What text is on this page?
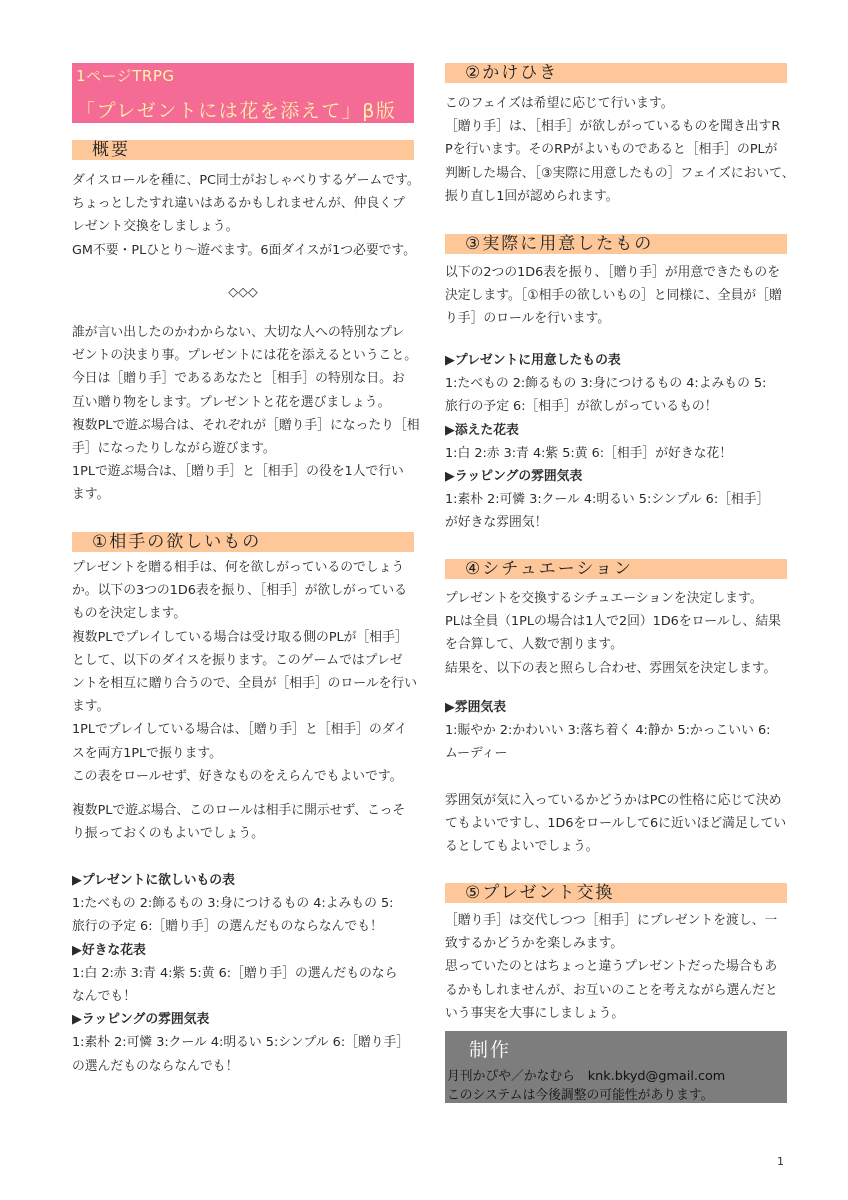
1ページTRPG
「プレゼントには花を添えて」β版
概要
ダイスロールを種に、PC同士がおしゃべりするゲームです。
ちょっとしたすれ違いはあるかもしれませんが、仲良くプ
レゼント交換をしましょう。
GM不要・PLひとり〜遊べます。6面ダイスが1つ必要です。
◇◇◇
誰が言い出したのかわからない、大切な人への特別なプレ
ゼントの決まり事。プレゼントには花を添えるということ。
今日は［贈り手］であるあなたと［相手］の特別な日。お
互い贈り物をします。プレゼントと花を選びましょう。
複数PLで遊ぶ場合は、それぞれが［贈り手］になったり［相
手］になったりしながら遊びます。
1PLで遊ぶ場合は、［贈り手］と［相手］の役を1人で行い
ます。
①相手の欲しいもの
プレゼントを贈る相手は、何を欲しがっているのでしょう
か。以下の3つの1D6表を振り、［相手］が欲しがっている
ものを決定します。
複数PLでプレイしている場合は受け取る側のPLが［相手］
として、以下のダイスを振ります。このゲームではプレゼ
ントを相互に贈り合うので、全員が［相手］のロールを行い
ます。
1PLでプレイしている場合は、［贈り手］と［相手］のダイ
スを両方1PLで振ります。
この表をロールせず、好きなものをえらんでもよいです。
複数PLで遊ぶ場合、このロールは相手に開示せず、こっそ
り振っておくのもよいでしょう。
▶プレゼントに欲しいもの表
1:たべもの 2:飾るもの 3:身につけるもの 4:よみもの 5:
旅行の予定 6:［贈り手］の選んだものならなんでも！
▶好きな花表
1:白 2:赤 3:青 4:紫 5:黄 6:［贈り手］の選んだものなら
なんでも！
▶ラッピングの雰囲気表
1:素朴 2:可憐 3:クール 4:明るい 5:シンプル 6:［贈り手］
の選んだものならなんでも！
②かけひき
このフェイズは希望に応じて行います。
［贈り手］は、［相手］が欲しがっているものを聞き出すR
Pを行います。そのRPがよいものであると［相手］のPLが
判断した場合、［③実際に用意したもの］フェイズにおいて、
振り直し1回が認められます。
③実際に用意したもの
以下の2つの1D6表を振り、［贈り手］が用意できたものを
決定します。［①相手の欲しいもの］と同様に、全員が［贈
り手］のロールを行います。
▶プレゼントに用意したもの表
1:たべもの 2:飾るもの 3:身につけるもの 4:よみもの 5:
旅行の予定 6:［相手］が欲しがっているもの！
▶添えた花表
1:白 2:赤 3:青 4:紫 5:黄 6:［相手］が好きな花！
▶ラッピングの雰囲気表
1:素朴 2:可憐 3:クール 4:明るい 5:シンプル 6:［相手］
が好きな雰囲気！
④シチュエーション
プレゼントを交換するシチュエーションを決定します。
PLは全員（1PLの場合は1人で2回）1D6をロールし、結果
を合算して、人数で割ります。
結果を、以下の表と照らし合わせ、雰囲気を決定します。
▶雰囲気表
1:賑やか 2:かわいい 3:落ち着く 4:静か 5:かっこいい 6:
ムーディー
雰囲気が気に入っているかどうかはPCの性格に応じて決め
てもよいですし、1D6をロールして6に近いほど満足してい
るとしてもよいでしょう。
⑤プレゼント交換
［贈り手］は交代しつつ［相手］にプレゼントを渡し、一
致するかどうかを楽しみます。
思っていたのとはちょっと違うプレゼントだった場合もあ
るかもしれませんが、お互いのことを考えながら選んだと
いう事実を大事にしましょう。
制作
月刊かぴや／かなむら　knk.bkyd@gmail.com
このシステムは今後調整の可能性があります。
1
